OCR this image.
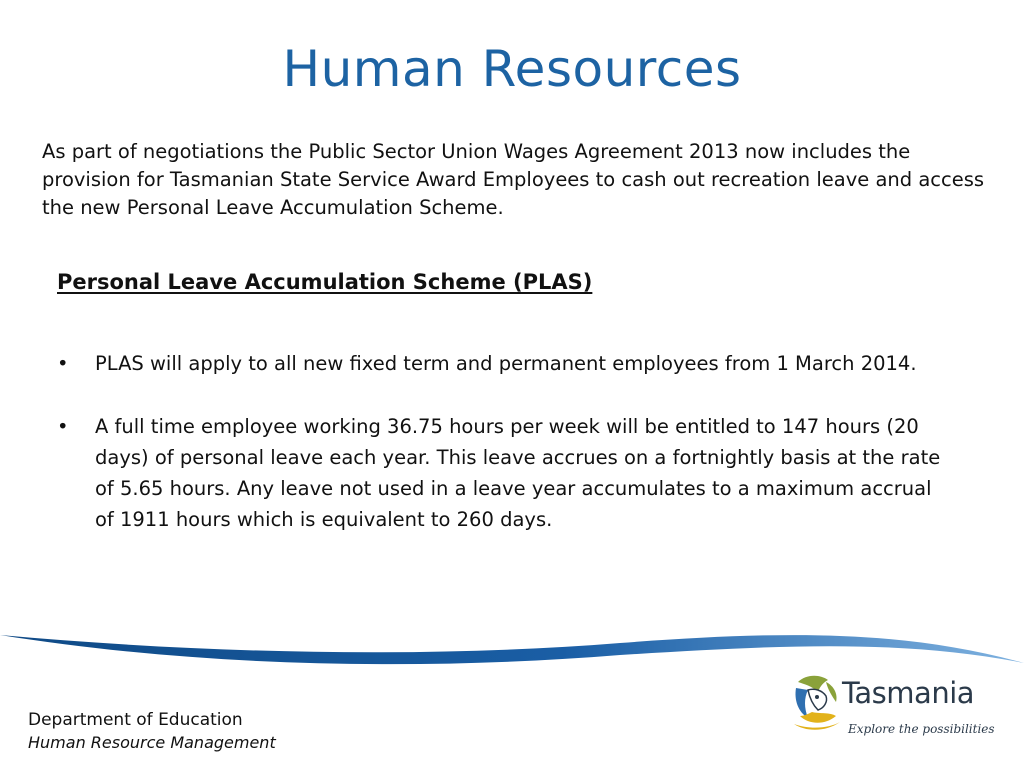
Human Resources
As part of negotiations the Public Sector Union Wages Agreement 2013 now includes the provision for Tasmanian State Service Award Employees to cash out recreation leave and access the new Personal Leave Accumulation Scheme.
Personal Leave Accumulation Scheme (PLAS)
•	PLAS will apply to all new fixed term and permanent employees from 1 March 2014.
•	A full time employee working 36.75 hours per week will be entitled to 147 hours (20 days) of personal leave each year. This leave accrues on a fortnightly basis at the rate of 5.65 hours. Any leave not used in a leave year accumulates to a maximum accrual of 1911 hours which is equivalent to 260 days.
Department of Education
Human Resource Management
Tasmania
Explore the possibilities
